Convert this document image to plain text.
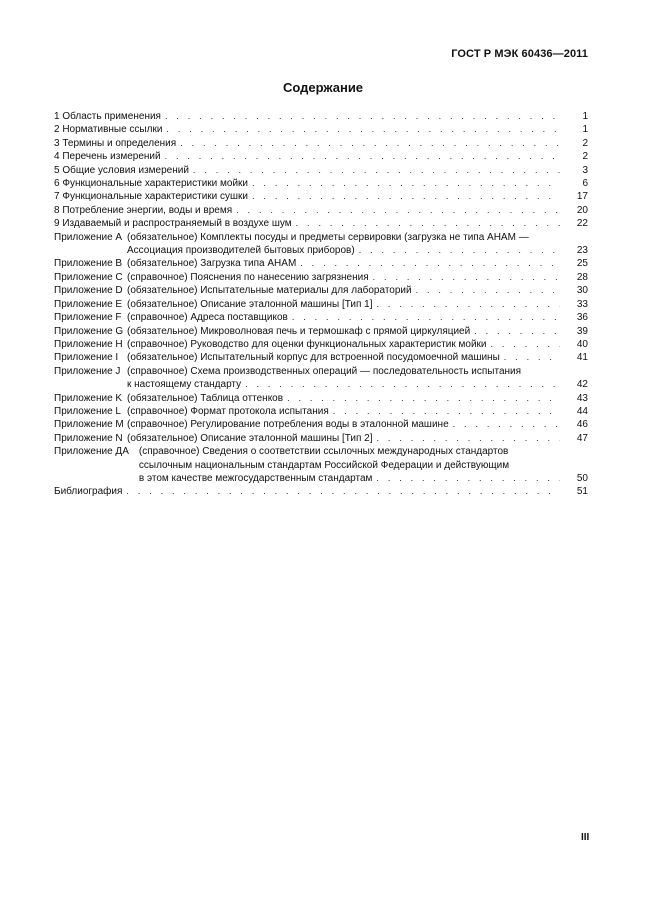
ГОСТ Р МЭК 60436—2011
Содержание
1 Область применения . . .	1
2 Нормативные ссылки . . .	1
3 Термины и определения . . .	2
4 Перечень измерений . . .	2
5 Общие условия измерений . . .	3
6 Функциональные характеристики мойки . . .	6
7 Функциональные характеристики сушки . . .	17
8 Потребление энергии, воды и время . . .	20
9 Издаваемый и распространяемый в воздухе шум . . .	22
Приложение А (обязательное) Комплекты посуды и предметы сервировки (загрузка не типа АНАМ —
Ассоциация производителей бытовых приборов) . . .	23
Приложение В (обязательное) Загрузка типа АНАМ . . .	25
Приложение С (справочное) Пояснения по нанесению загрязнения . . .	28
Приложение D (обязательное) Испытательные материалы для лабораторий . . .	30
Приложение Е (обязательное) Описание эталонной машины [Тип 1] . . .	33
Приложение F (справочное) Адреса поставщиков . . .	36
Приложение G (обязательное) Микроволновая печь и термошкаф с прямой циркуляцией . . .	39
Приложение Н (справочное) Руководство для оценки функциональных характеристик мойки . . .	40
Приложение I (обязательное) Испытательный корпус для встроенной посудомоечной машины . . .	41
Приложение J (справочное) Схема производственных операций — последовательность испытания
к настоящему стандарту . . .	42
Приложение K (обязательное) Таблица оттенков . . .	43
Приложение L (справочное) Формат протокола испытания . . .	44
Приложение М (справочное) Регулирование потребления воды в эталонной машине . . .	46
Приложение N (обязательное) Описание эталонной машины [Тип 2] . . .	47
Приложение ДА (справочное) Сведения о соответствии ссылочных международных стандартов
ссылочным национальным стандартам Российской Федерации и действующим
в этом качестве межгосударственным стандартам . . .	50
Библиография . . .	51
III
